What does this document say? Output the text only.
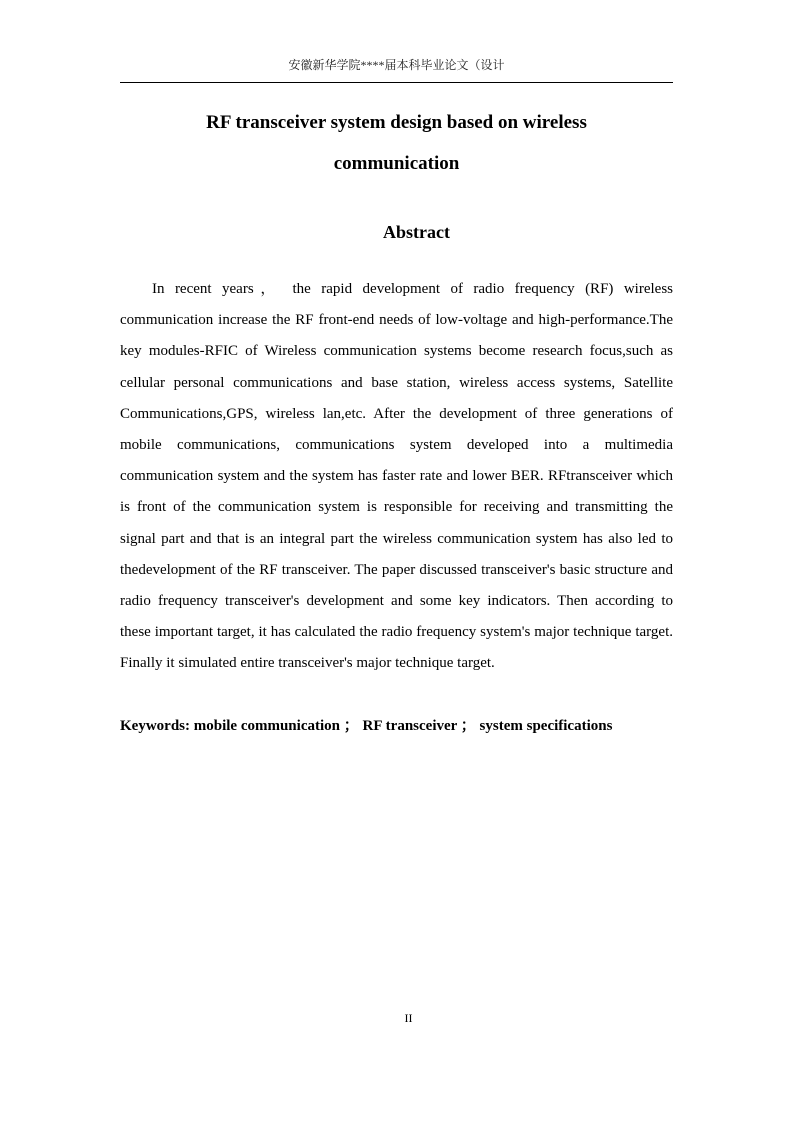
安徽新华学院****届本科毕业论文（设计
RF transceiver system design based on wireless
communication
Abstract

In recent years， the rapid development of radio frequency (RF) wireless communication increase the RF front-end needs of low-voltage and high-performance.The key modules-RFIC of Wireless communication systems become research focus,such as cellular personal communications and base station, wireless access systems, Satellite Communications,GPS, wireless lan,etc. After the development of three generations of mobile communications, communications system developed into a multimedia communication system and the system has faster rate and lower BER. RFtransceiver which is front of the communication system is responsible for receiving and transmitting the signal part and that is an integral part the wireless communication system has also led to thedevelopment of the RF transceiver. The paper discussed transceiver's basic structure and radio frequency transceiver's development and some key indicators. Then according to these important target, it has calculated the radio frequency system's major technique target. Finally it simulated entire transceiver's major technique target.

Keywords: mobile communication ； RF transceiver ； system specifications
II
